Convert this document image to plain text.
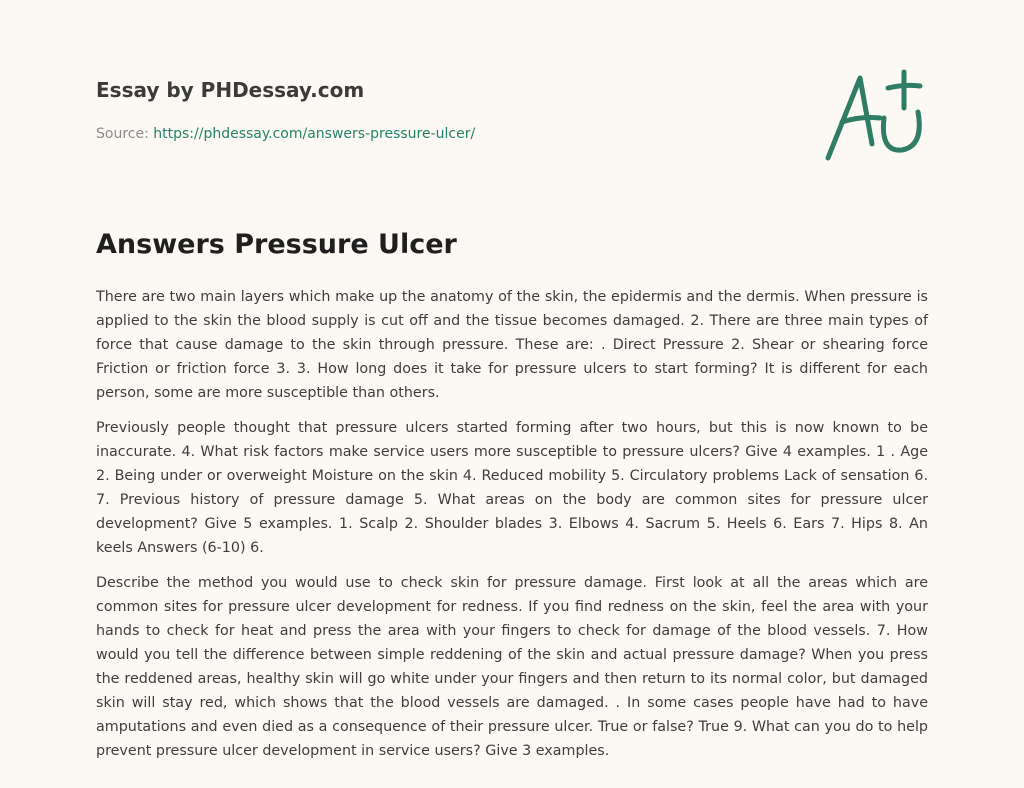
Essay by PHDessay.com
Source: https://phdessay.com/answers-pressure-ulcer/
Answers Pressure Ulcer

There are two main layers which make up the anatomy of the skin, the epidermis and the dermis. When pressure is applied to the skin the blood supply is cut off and the tissue becomes damaged. 2. There are three main types of force that cause damage to the skin through pressure. These are: . Direct Pressure 2. Shear or shearing force Friction or friction force 3. 3. How long does it take for pressure ulcers to start forming? It is different for each person, some are more susceptible than others.

Previously people thought that pressure ulcers started forming after two hours, but this is now known to be inaccurate. 4. What risk factors make service users more susceptible to pressure ulcers? Give 4 examples. 1 . Age 2. Being under or overweight Moisture on the skin 4. Reduced mobility 5. Circulatory problems Lack of sensation 6. 7. Previous history of pressure damage 5. What areas on the body are common sites for pressure ulcer development? Give 5 examples. 1. Scalp 2. Shoulder blades 3. Elbows 4. Sacrum 5. Heels 6. Ears 7. Hips 8. An keels Answers (6-10) 6.

Describe the method you would use to check skin for pressure damage. First look at all the areas which are common sites for pressure ulcer development for redness. If you find redness on the skin, feel the area with your hands to check for heat and press the area with your fingers to check for damage of the blood vessels. 7. How would you tell the difference between simple reddening of the skin and actual pressure damage? When you press the reddened areas, healthy skin will go white under your fingers and then return to its normal color, but damaged skin will stay red, which shows that the blood vessels are damaged. . In some cases people have had to have amputations and even died as a consequence of their pressure ulcer. True or false? True 9. What can you do to help prevent pressure ulcer development in service users? Give 3 examples.
